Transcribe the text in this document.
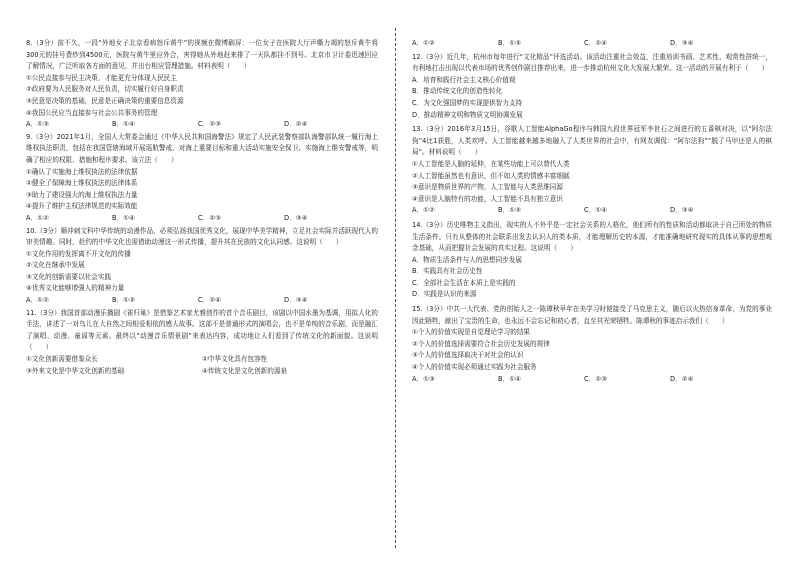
8.（3分）前不久，一段“外地女子北京看病怒斥黄牛”的视频在微博刷屏：一位女子在医院大厅声嘶力竭的怒斥黄牛将300元的挂号费炒到4500元，医院与黄牛里应外合，害得她从外地赶来排了一天队都挂不到号。北京市卫计委迅速回应了解情况，广泛听取各方面的意见，并出台相应管理措施。材料表明（　　）

①公民直接参与民主决策，才能更充分体现人民民主

②政府要为人民服务对人民负责，切实履行好自身职责

③民意是决策的基础，民意是正确决策的重要信息资源

④我国公民应当直接参与社会公共事务的管理

A．①③	B．①④	C．②③	D．②④

9.（3分）2021年1月，全国人大常委会通过《中华人民共和国海警法》规定了人民武装警察部队海警部队统一履行海上维权执法职责，包括在我国管辖海域开展巡航警戒、对海上重要目标和重大活动实施安全保卫、实施海上维安警戒等，明确了相应的权限、措施和程序要求。该立法（　　）

①确认了实施海上维权执法的法律依据

②健全了保障海上维权执法的法律体系

③助力了建设强大的海上维权执法力量

④提升了维护主权法律规范的实际效能

A．①②	B．①④	C．②③	D．③④

10.（3分）顺冲刺文科中华传统的动漫作品，必须弘扬我国优秀文化，展现中华美学精神，立足社会实际并活跃现代人的审美情趣。同时，赴约的中华文化也需借助动漫这一形式传播，提升其在民族的文化认同感。这说明（　　）

①文化作用的发挥离不开文化的传播

②文化在继承中发展

③文化的创新需要以社会实践

④优秀文化能够增强人的精神力量

A．①②	B．①③	C．②④	D．③④

11.（3分）我国首部动漫乐播剧《雀归巢》是借鉴艺术家尤雅创作的首个音乐剧目，该剧以中国水墨为基调，用拟人化的手法，讲述了一对鸟儿在大自然之间相爱相依的感人故事。这部不是普通形式的演唱会，也不是单纯的音乐剧，而是融汇了演唱、动漫、童谣等元素。最终以“动漫音乐情景剧”来表达内容，成功地让人们看到了传统文化的新面貌。这说明（　　）

①文化创新需要借鉴众长	②中华文化具有包容性
③外来文化是中华文化创新的基础	④传统文化是文化创新的源泉
A．①②	B．①③	C．②④	D．③④

12.（3分）近几年，杭州市每年进行“文化精品”评选活动。该活动注重社会效益，注重培训书画、艺术性、观赏性拼统一，有利地打击出现以代表市场的优秀创作剧目推荐出来，进一步推动杭州文化大发展大繁荣。这一活动的开展有利于（　　）

A．培育和践行社会主义核心价值观

B．推动传统文化的创造性转化

C．为文化强国梦的实现提供智力支持

D．推动精神文明和物质文明协调发展

13.（3分）2016年3月15日，谷歌人工智能AlphaGo程序与韩国九段世界冠军李世石之间进行的五番棋对决，以“阿尔法狗”4比1获胜，人类欢呼。人工智能越来越多地融入了人类世界的社会中，有网友调侃：“阿尔法狗”“脱了马甲还是人的棋局”。材料说明（　　）

①人工智能是人脑的延伸，在某些功能上可以替代人类

②人工智能虽然也有意识，但不如人类的情感丰富细腻

③意识是物质世界的产物，人工智能与人类思维同源

④意识是人脑特有的功能，人工智能不具有独立意识

A．①②	B．①③	C．①④	D．③④

14.（3分）历史唯物主义指出，现实的人不外乎是一定社会关系的人格化，他们所有的性质和活动都取决于自己所处的物质生活条件。只有从整体的社会联系出发去认识人的类本质，才能理解历史的本源，才能准确地研究现实的具体从事的思想观念基础，从而把握社会发展的真实过程。这说明（　　）

A．物质生活条件与人的思想同步发展

B．实践具有社会历史性

C．全部社会生活在本质上是实践的

D．实践是认识的来源

15.（3分）中共一大代表、党的创始人之一陈谭秋早年在美学习时便接受了马克思主义，随后以火热信身革命，为党的事业因此牺牲，献出了宝贵的生命，也永远不会忘记和初心者，直至其光荣牺牲。陈谭秋的事迹启示我们（　　）

①个人的价值实现是自觉理论学习的结果

②个人的价值选择需要符合社会历史发展的规律

③个人的价值选择取决于对社会的认识

④个人的价值实现必须通过实践为社会服务

A．①③	B．①④	C．②③	D．②④
